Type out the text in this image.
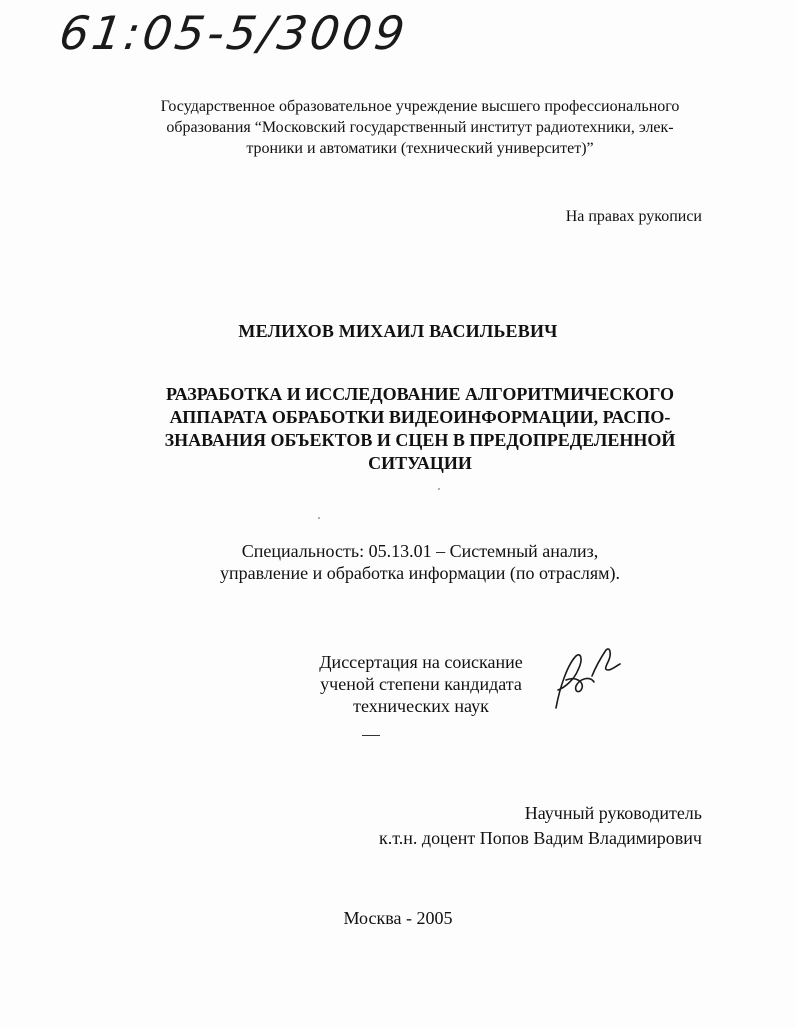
61:05-5/3009
Государственное образовательное учреждение высшего профессионального
образования “Московский государственный институт радиотехники, элек-
троники и автоматики (технический университет)”
На правах рукописи
МЕЛИХОВ МИХАИЛ ВАСИЛЬЕВИЧ
РАЗРАБОТКА И ИССЛЕДОВАНИЕ АЛГОРИТМИЧЕСКОГО
АППАРАТА ОБРАБОТКИ ВИДЕОИНФОРМАЦИИ, РАСПО-
ЗНАВАНИЯ ОБЪЕКТОВ И СЦЕН В ПРЕДОПРЕДЕЛЕННОЙ
СИТУАЦИИ
Специальность: 05.13.01 – Системный анализ,
управление и обработка информации (по отраслям).
Диссертация на соискание
ученой степени кандидата
технических наук
Научный руководитель
к.т.н. доцент Попов Вадим Владимирович
Москва - 2005
